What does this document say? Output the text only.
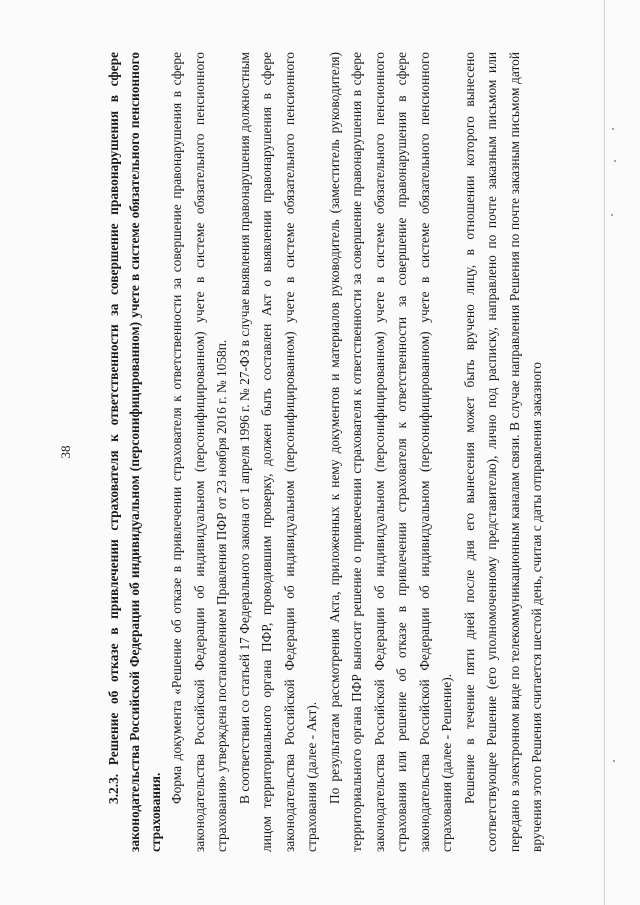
38	3.2.3. Решение об отказе в привлечении страхователя к ответственности за совершение правонарушения в сфере законодательства Российской Федерации об индивидуальном (персонифицированном) учете в системе обязательного пенсионного страхования.

Форма документа «Решение об отказе в привлечении страхователя к ответственности за совершение правонарушения в сфере законодательства Российской Федерации об индивидуальном (персонифицированном) учете в системе обязательного пенсионного страхования» утверждена постановлением Правления ПФР от 23 ноября 2016 г. № 1058п. В соответствии со статьей 17 Федерального закона от 1 апреля 1996 г. № 27-ФЗ в случае выявления правонарушения должностным лицом территориального органа ПФР, проводившим проверку, должен быть составлен Акт о выявлении правонарушения в сфере законодательства Российской Федерации об индивидуальном (персонифицированном) учете в системе обязательного пенсионного страхования (далее - Акт). По результатам рассмотрения Акта, приложенных к нему документов и материалов руководитель (заместитель руководителя) территориального органа ПФР выносит решение о привлечении страхователя к ответственности за совершение правонарушения в сфере законодательства Российской Федерации об индивидуальном (персонифицированном) учете в системе обязательного пенсионного страхования или решение об отказе в привлечении страхователя к ответственности за совершение правонарушения в сфере законодательства Российской Федерации об индивидуальном (персонифицированном) учете в системе обязательного пенсионного страхования (далее - Решение). Решение в течение пяти дней после дня его вынесения может быть вручено лицу, в отношении которого вынесено соответствующее Решение (его уполномоченному представителю), лично под расписку, направлено по почте заказным письмом или передано в электронном виде по телекоммуникационным каналам связи. В случае направления Решения по почте заказным письмом датой вручения этого Решения считается шестой день, считая с даты отправления заказного
